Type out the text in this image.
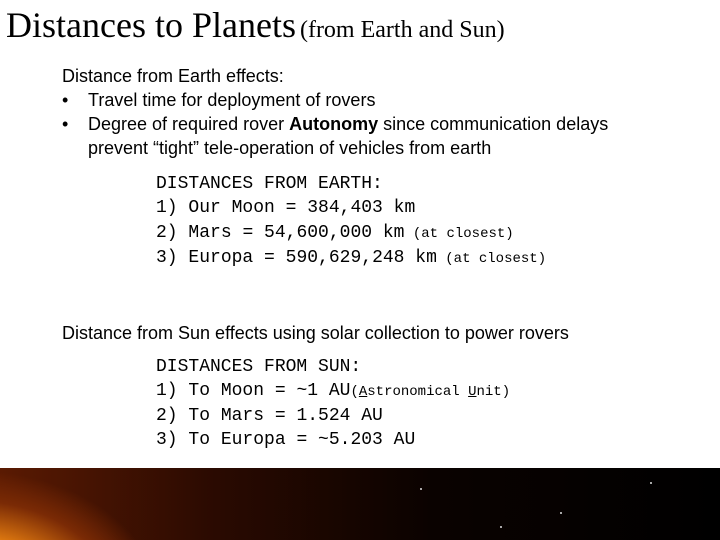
Distances to Planets (from Earth and Sun)
Distance from Earth effects:
• Travel time for deployment of rovers
• Degree of required rover Autonomy since communication delays
prevent “tight” tele-operation of vehicles from earth
DISTANCES FROM EARTH:
1) Our Moon = 384,403 km
2) Mars = 54,600,000 km (at closest)
3) Europa = 590,629,248 km (at closest)
Distance from Sun effects using solar collection to power rovers
DISTANCES FROM SUN:
1) To Moon = ~1 AU(Astronomical Unit)
2) To Mars = 1.524 AU
3) To Europa = ~5.203 AU
